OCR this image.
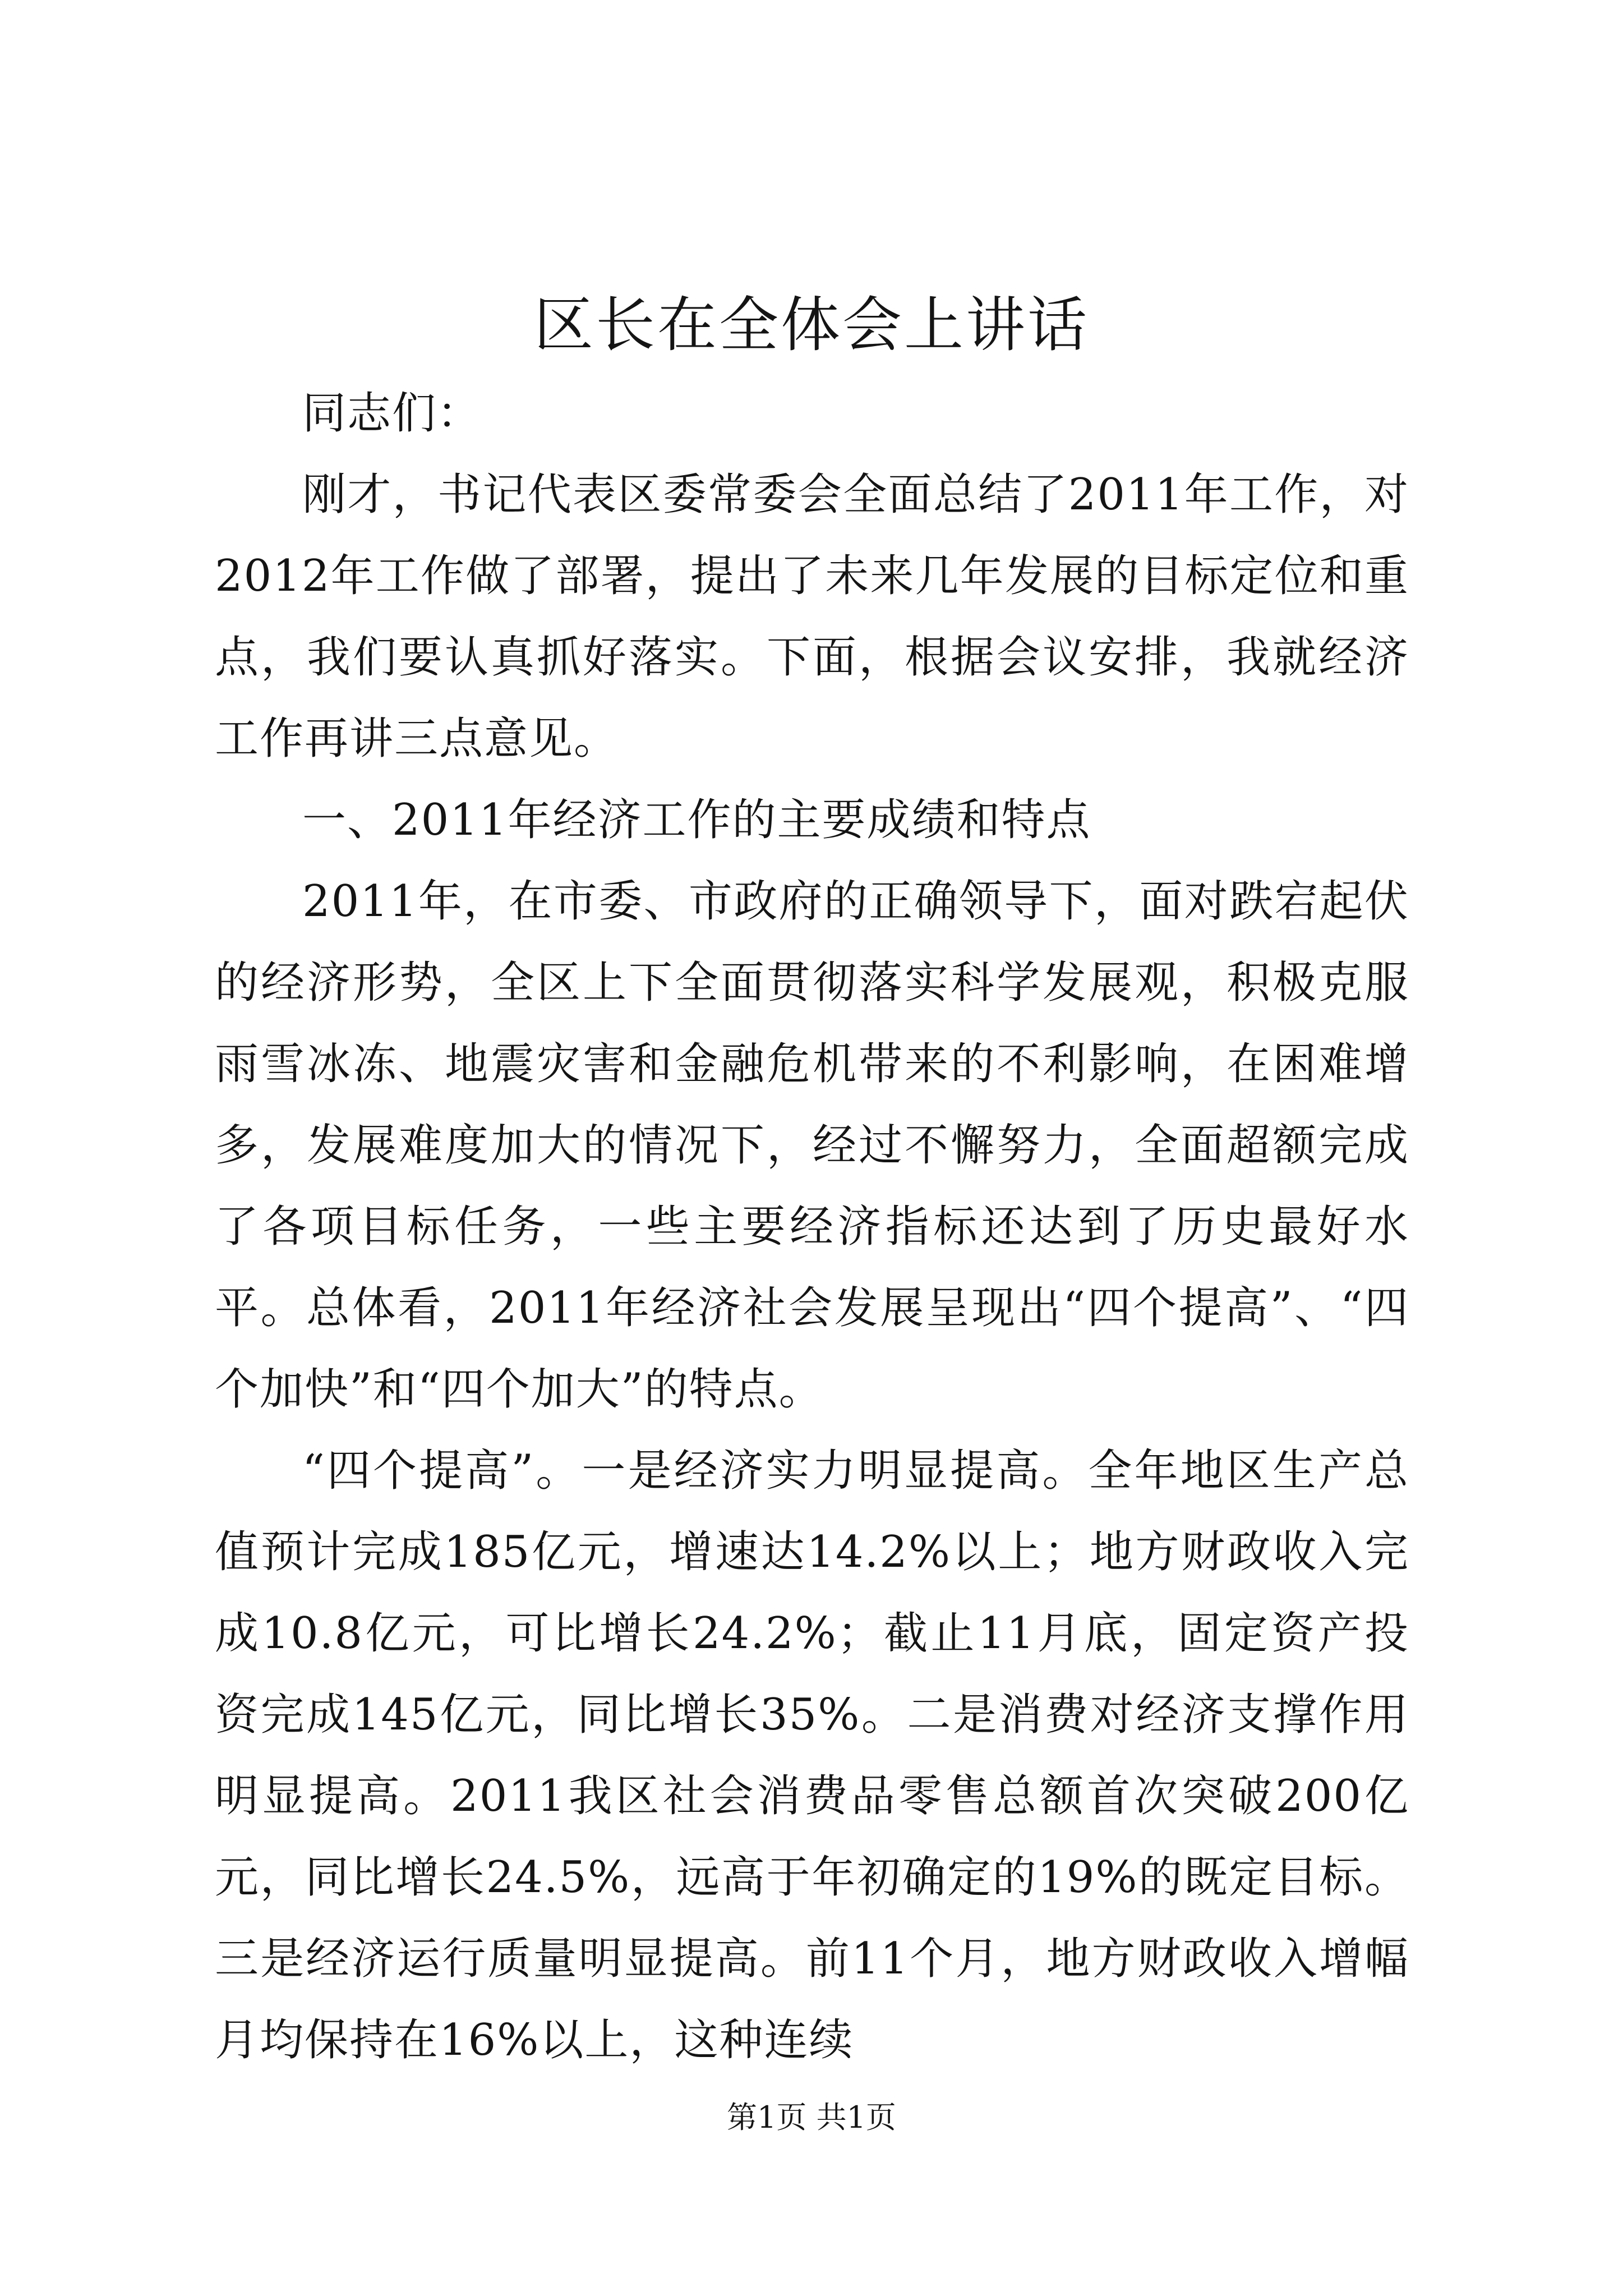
区长在全体会上讲话

同志们：

刚才，书记代表区委常委会全面总结了2011年工作，对2012年工作做了部署，提出了未来几年发展的目标定位和重点，我们要认真抓好落实。下面，根据会议安排，我就经济工作再讲三点意见。

一、2011年经济工作的主要成绩和特点

2011年，在市委、市政府的正确领导下，面对跌宕起伏的经济形势，全区上下全面贯彻落实科学发展观，积极克服雨雪冰冻、地震灾害和金融危机带来的不利影响，在困难增多，发展难度加大的情况下，经过不懈努力，全面超额完成了各项目标任务，一些主要经济指标还达到了历史最好水平。总体看，2011年经济社会发展呈现出“四个提高”、“四个加快”和“四个加大”的特点。

“四个提高”。一是经济实力明显提高。全年地区生产总值预计完成185亿元，增速达14.2%以上；地方财政收入完成10.8亿元，可比增长24.2%；截止11月底，固定资产投资完成145亿元，同比增长35%。二是消费对经济支撑作用明显提高。2011我区社会消费品零售总额首次突破200亿元，同比增长24.5%，远高于年初确定的19%的既定目标。三是经济运行质量明显提高。前11个月，地方财政收入增幅月均保持在16%以上，这种连续

第1页 共1页
